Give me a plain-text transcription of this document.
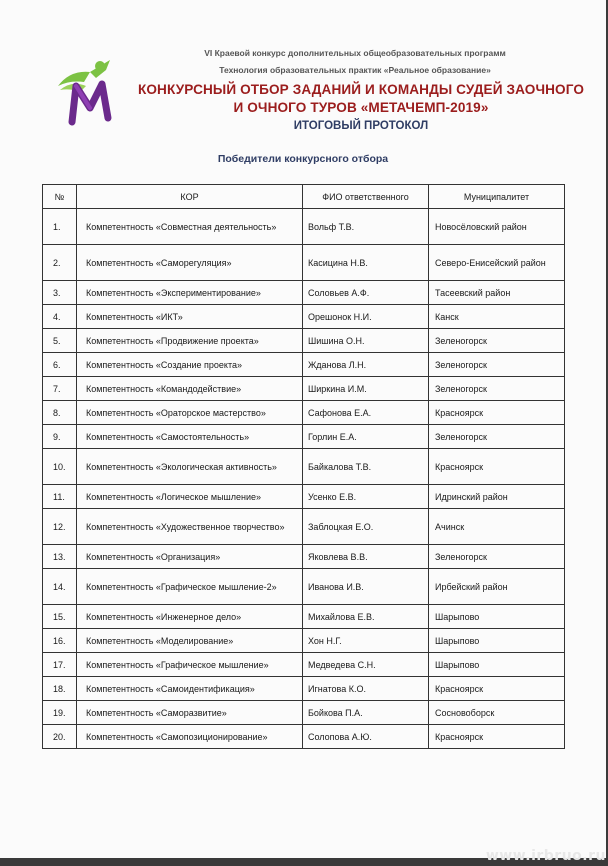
VI Краевой конкурс дополнительных общеобразовательных программ
Технология образовательных практик «Реальное образование»
КОНКУРСНЫЙ ОТБОР ЗАДАНИЙ И КОМАНДЫ СУДЕЙ ЗАОЧНОГО
И ОЧНОГО ТУРОВ «МЕТАЧЕМП-2019»
ИТОГОВЫЙ ПРОТОКОЛ
Победители конкурсного отбора
№	КОР	ФИО ответственного	Муниципалитет
1.	Компетентность «Совместная деятельность»	Вольф Т.В.	Новосёловский район
2.	Компетентность «Саморегуляция»	Касицина Н.В.	Северо-Енисейский район
3.	Компетентность «Экспериментирование»	Соловьев А.Ф.	Тасеевский район
4.	Компетентность «ИКТ»	Орешонок Н.И.	Канск
5.	Компетентность «Продвижение проекта»	Шишина О.Н.	Зеленогорск
6.	Компетентность «Создание проекта»	Жданова Л.Н.	Зеленогорск
7.	Компетентность «Командодействие»	Ширкина И.М.	Зеленогорск
8.	Компетентность «Ораторское мастерство»	Сафонова Е.А.	Красноярск
9.	Компетентность «Самостоятельность»	Горлин Е.А.	Зеленогорск
10.	Компетентность «Экологическая активность»	Байкалова Т.В.	Красноярск
11.	Компетентность «Логическое мышление»	Усенко Е.В.	Идринский район
12.	Компетентность «Художественное творчество»	Заблоцкая Е.О.	Ачинск
13.	Компетентность «Организация»	Яковлева В.В.	Зеленогорск
14.	Компетентность «Графическое мышление-2»	Иванова И.В.	Ирбейский район
15.	Компетентность «Инженерное дело»	Михайлова Е.В.	Шарыпово
16.	Компетентность «Моделирование»	Хон Н.Г.	Шарыпово
17.	Компетентность «Графическое мышление»	Медведева С.Н.	Шарыпово
18.	Компетентность «Самоидентификация»	Игнатова К.О.	Красноярск
19.	Компетентность «Саморазвитие»	Бойкова П.А.	Сосновоборск
20.	Компетентность «Самопозиционирование»	Солопова А.Ю.	Красноярск
www.irbruo.ru
